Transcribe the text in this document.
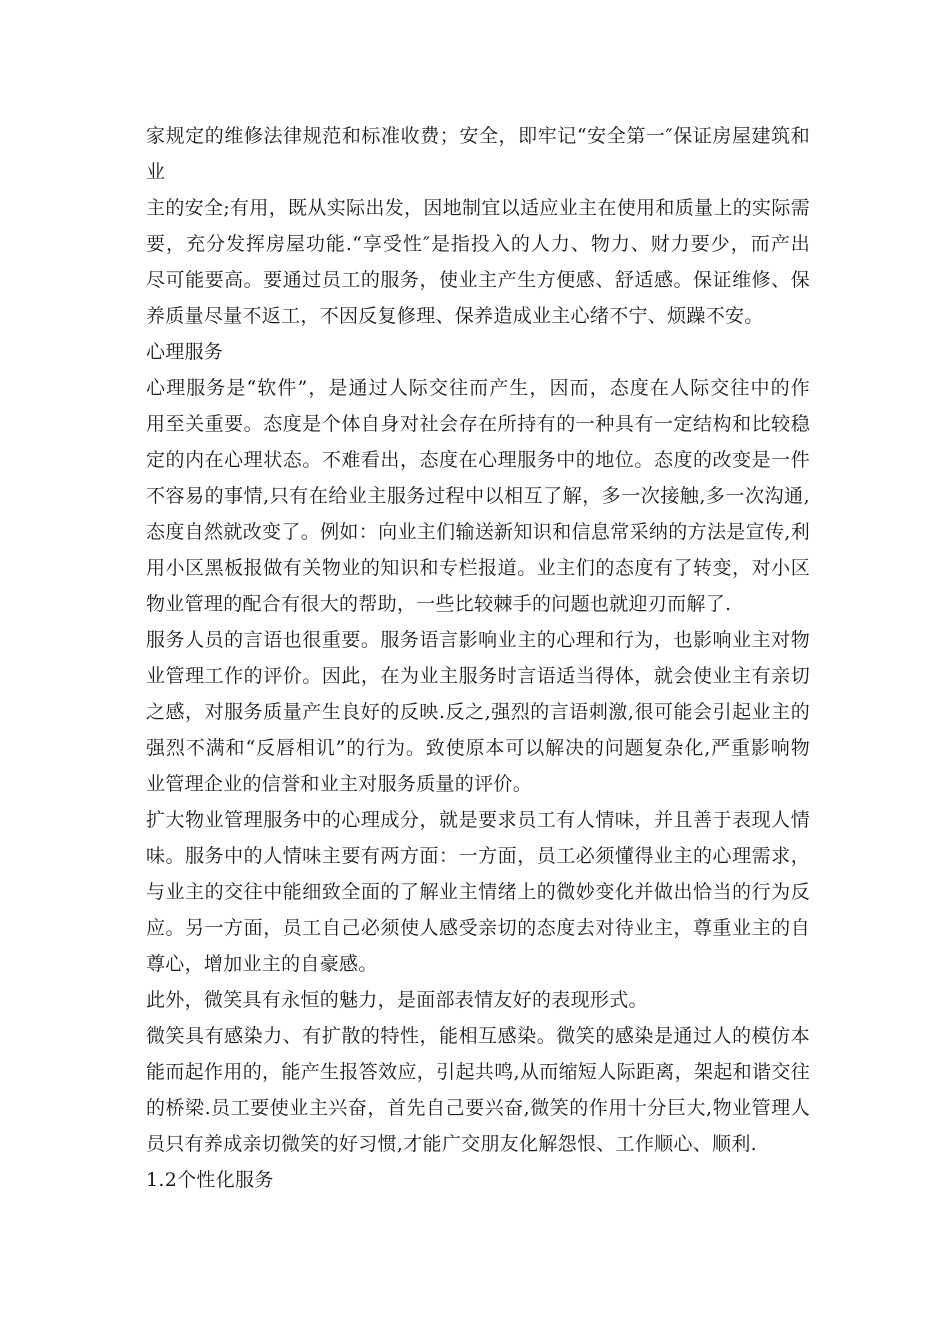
家规定的维修法律规范和标准收费；安全，即牢记“安全第一″保证房屋建筑和

业

主的安全;有用，既从实际出发，因地制宜以适应业主在使用和质量上的实际需

要，充分发挥房屋功能.“享受性″是指投入的人力、物力、财力要少，而产出

尽可能要高。要通过员工的服务，使业主产生方便感、舒适感。保证维修、保

养质量尽量不返工，不因反复修理、保养造成业主心绪不宁、烦躁不安。

心理服务

心理服务是“软件”，是通过人际交往而产生，因而，态度在人际交往中的作

用至关重要。态度是个体自身对社会存在所持有的一种具有一定结构和比较稳

定的内在心理状态。不难看出，态度在心理服务中的地位。态度的改变是一件

不容易的事情,只有在给业主服务过程中以相互了解，多一次接触,多一次沟通,

态度自然就改变了。例如：向业主们输送新知识和信息常采纳的方法是宣传,利

用小区黑板报做有关物业的知识和专栏报道。业主们的态度有了转变，对小区

物业管理的配合有很大的帮助，一些比较棘手的问题也就迎刃而解了.

服务人员的言语也很重要。服务语言影响业主的心理和行为，也影响业主对物

业管理工作的评价。因此，在为业主服务时言语适当得体，就会使业主有亲切

之感，对服务质量产生良好的反映.反之,强烈的言语刺激,很可能会引起业主的

强烈不满和“反唇相讥”的行为。致使原本可以解决的问题复杂化,严重影响物

业管理企业的信誉和业主对服务质量的评价。

扩大物业管理服务中的心理成分，就是要求员工有人情味，并且善于表现人情

味。服务中的人情味主要有两方面：一方面，员工必须懂得业主的心理需求，

与业主的交往中能细致全面的了解业主情绪上的微妙变化并做出恰当的行为反

应。另一方面，员工自己必须使人感受亲切的态度去对待业主，尊重业主的自

尊心，增加业主的自豪感。

此外，微笑具有永恒的魅力，是面部表情友好的表现形式。

微笑具有感染力、有扩散的特性，能相互感染。微笑的感染是通过人的模仿本

能而起作用的，能产生报答效应，引起共鸣,从而缩短人际距离，架起和谐交往

的桥梁.员工要使业主兴奋，首先自己要兴奋,微笑的作用十分巨大,物业管理人

员只有养成亲切微笑的好习惯,才能广交朋友化解怨恨、工作顺心、顺利.

1.2个性化服务
